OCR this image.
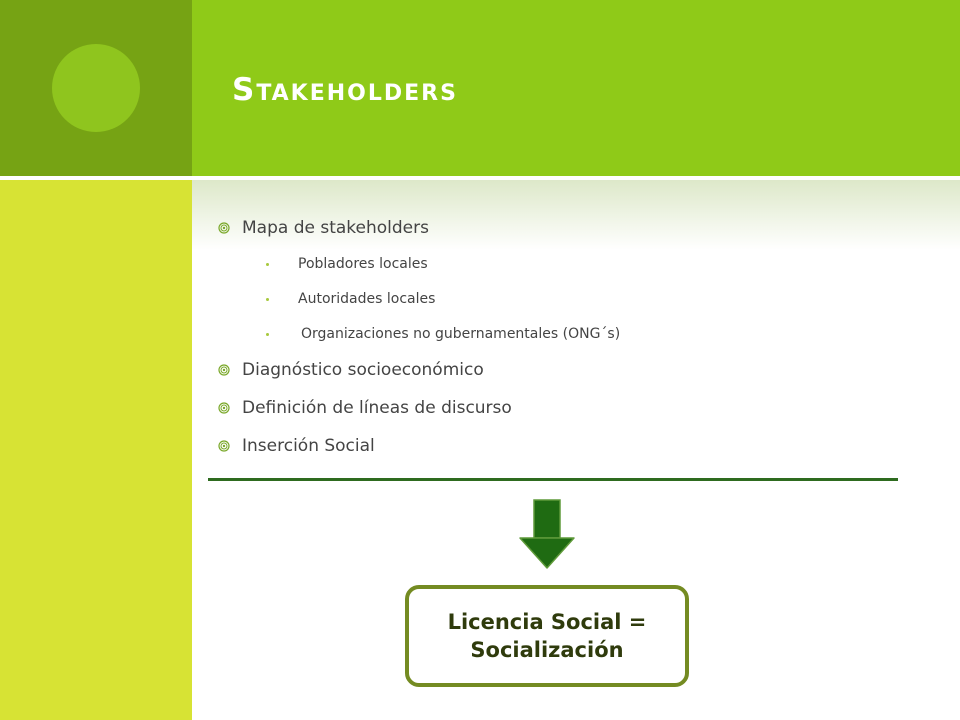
Stakeholders
Mapa de stakeholders
Pobladores locales
Autoridades locales
Organizaciones no gubernamentales (ONG´s)
Diagnóstico socioeconómico
Definición de líneas de discurso
Inserción Social
Licencia Social =
Socialización
